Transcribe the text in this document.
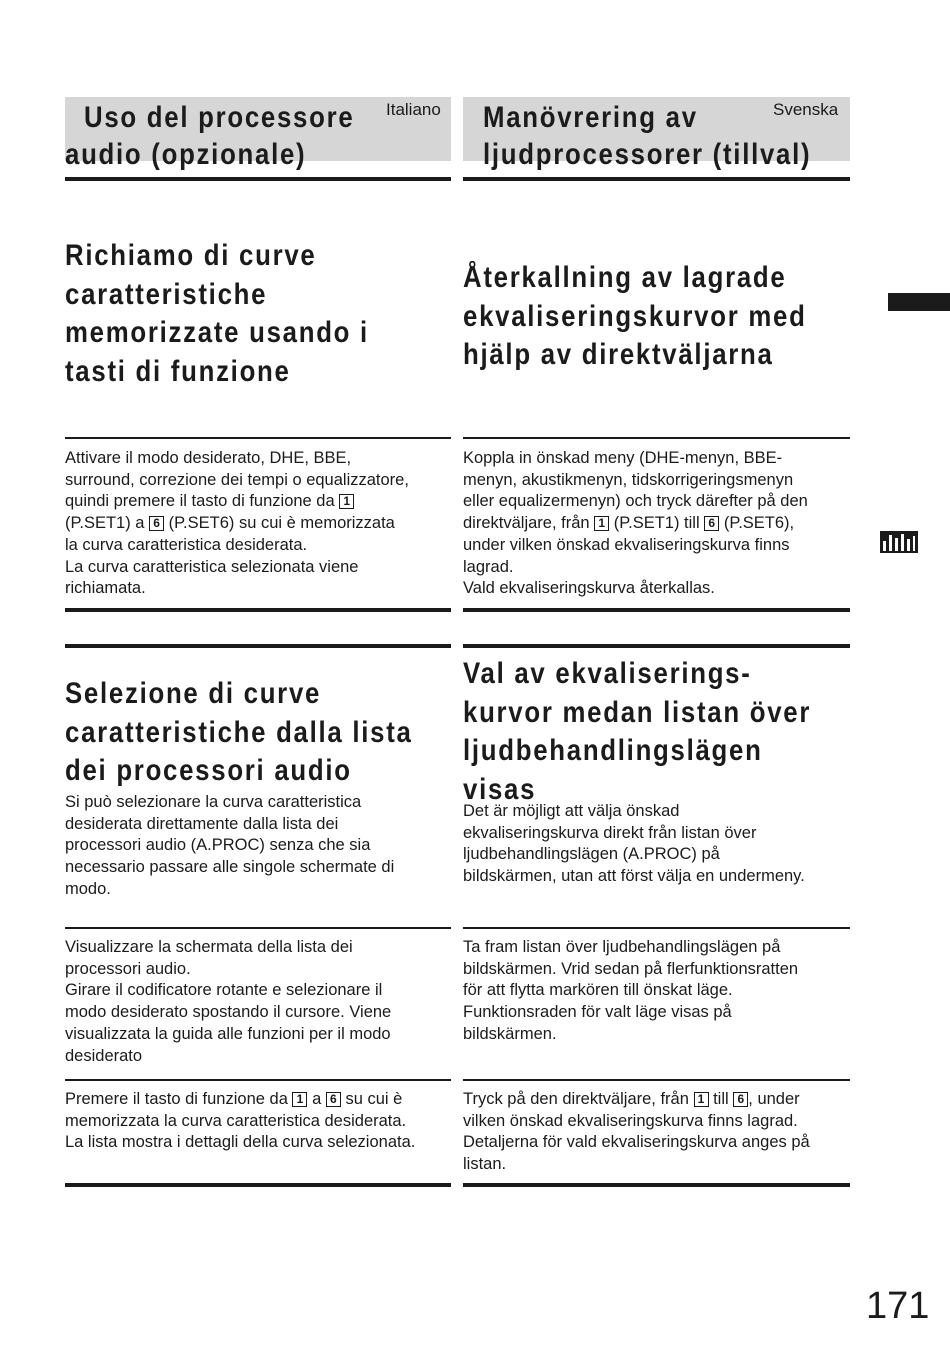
Uso del processore
audio (opzionale)
Italiano Manövrering av
ljudprocessorer (tillval)
Svenska
Richiamo di curve
caratteristiche
memorizzate usando i
tasti di funzione
Återkallning av lagrade
ekvaliseringskurvor med
hjälp av direktväljarna

Attivare il modo desiderato, DHE, BBE,

surround, correzione dei tempi o equalizzatore,

quindi premere il tasto di funzione da 1

(P.SET1) a 6 (P.SET6) su cui è memorizzata

la curva caratteristica desiderata.

La curva caratteristica selezionata viene

richiamata.

Koppla in önskad meny (DHE-menyn, BBE-

menyn, akustikmenyn, tidskorrigeringsmenyn

eller equalizermenyn) och tryck därefter på den

direktväljare, från 1 (P.SET1) till 6 (P.SET6),

under vilken önskad ekvaliseringskurva finns

lagrad.

Vald ekvaliseringskurva återkallas.

Selezione di curve
caratteristiche dalla lista
dei processori audio
Val av ekvaliserings-
kurvor medan listan över
ljudbehandlingslägen
visas

Si può selezionare la curva caratteristica

desiderata direttamente dalla lista dei

processori audio (A.PROC) senza che sia

necessario passare alle singole schermate di

modo.

Det är möjligt att välja önskad

ekvaliseringskurva direkt från listan över

ljudbehandlingslägen (A.PROC) på

bildskärmen, utan att först välja en undermeny.

Visualizzare la schermata della lista dei

processori audio.

Girare il codificatore rotante e selezionare il

modo desiderato spostando il cursore. Viene

visualizzata la guida alle funzioni per il modo

desiderato

Ta fram listan över ljudbehandlingslägen på

bildskärmen. Vrid sedan på flerfunktionsratten

för att flytta markören till önskat läge.

Funktionsraden för valt läge visas på

bildskärmen.

Premere il tasto di funzione da 1 a 6 su cui è

memorizzata la curva caratteristica desiderata.

La lista mostra i dettagli della curva selezionata.

Tryck på den direktväljare, från 1 till 6 , under

vilken önskad ekvaliseringskurva finns lagrad.

Detaljerna för vald ekvaliseringskurva anges på

listan.

171
